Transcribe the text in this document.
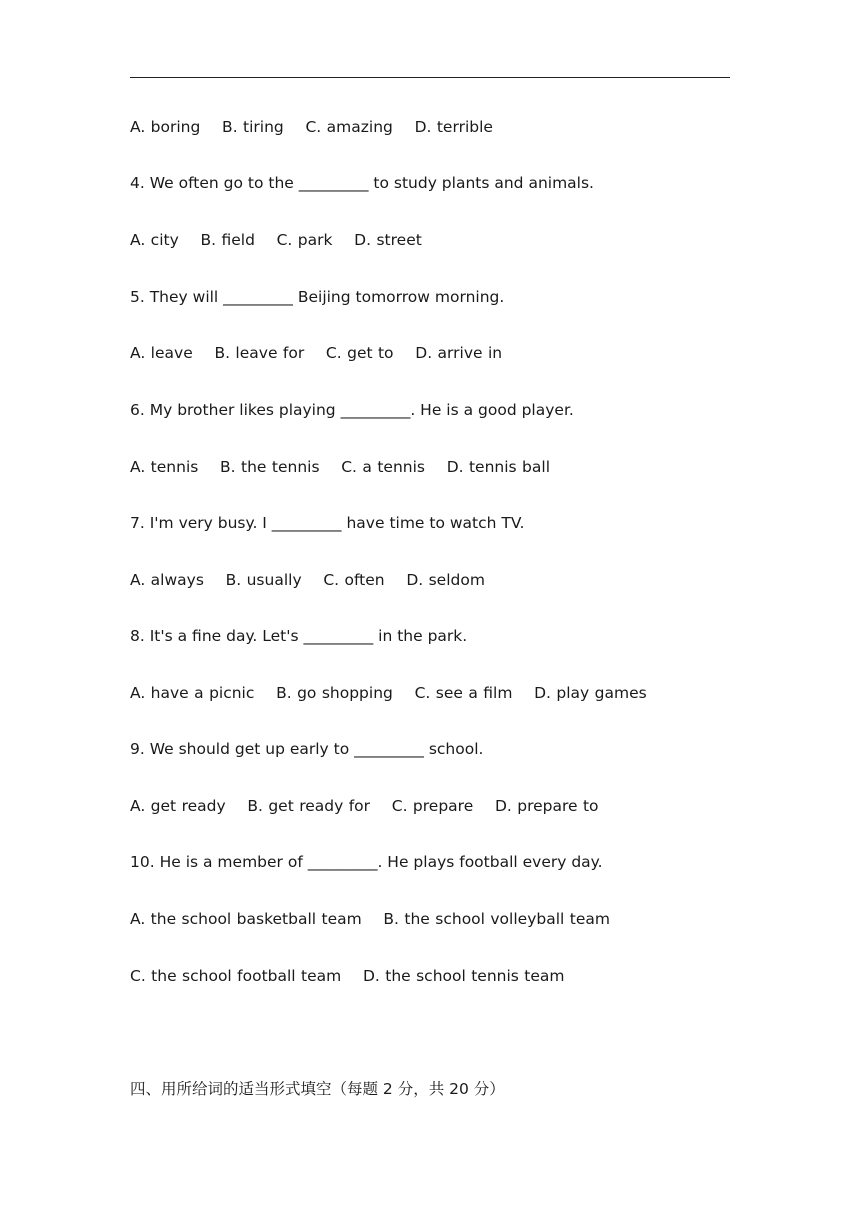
A. boring    B. tiring    C. amazing    D. terrible

4. We often go to the _________ to study plants and animals.

A. city    B. field    C. park    D. street

5. They will _________ Beijing tomorrow morning.

A. leave    B. leave for    C. get to    D. arrive in

6. My brother likes playing _________. He is a good player.

A. tennis    B. the tennis    C. a tennis    D. tennis ball

7. I'm very busy. I _________ have time to watch TV.

A. always    B. usually    C. often    D. seldom

8. It's a fine day. Let's _________ in the park.

A. have a picnic    B. go shopping    C. see a film    D. play games

9. We should get up early to _________ school.

A. get ready    B. get ready for    C. prepare    D. prepare to

10. He is a member of _________. He plays football every day.

A. the school basketball team    B. the school volleyball team

C. the school football team    D. the school tennis team

四、用所给词的适当形式填空（每题 2 分，共 20 分）
